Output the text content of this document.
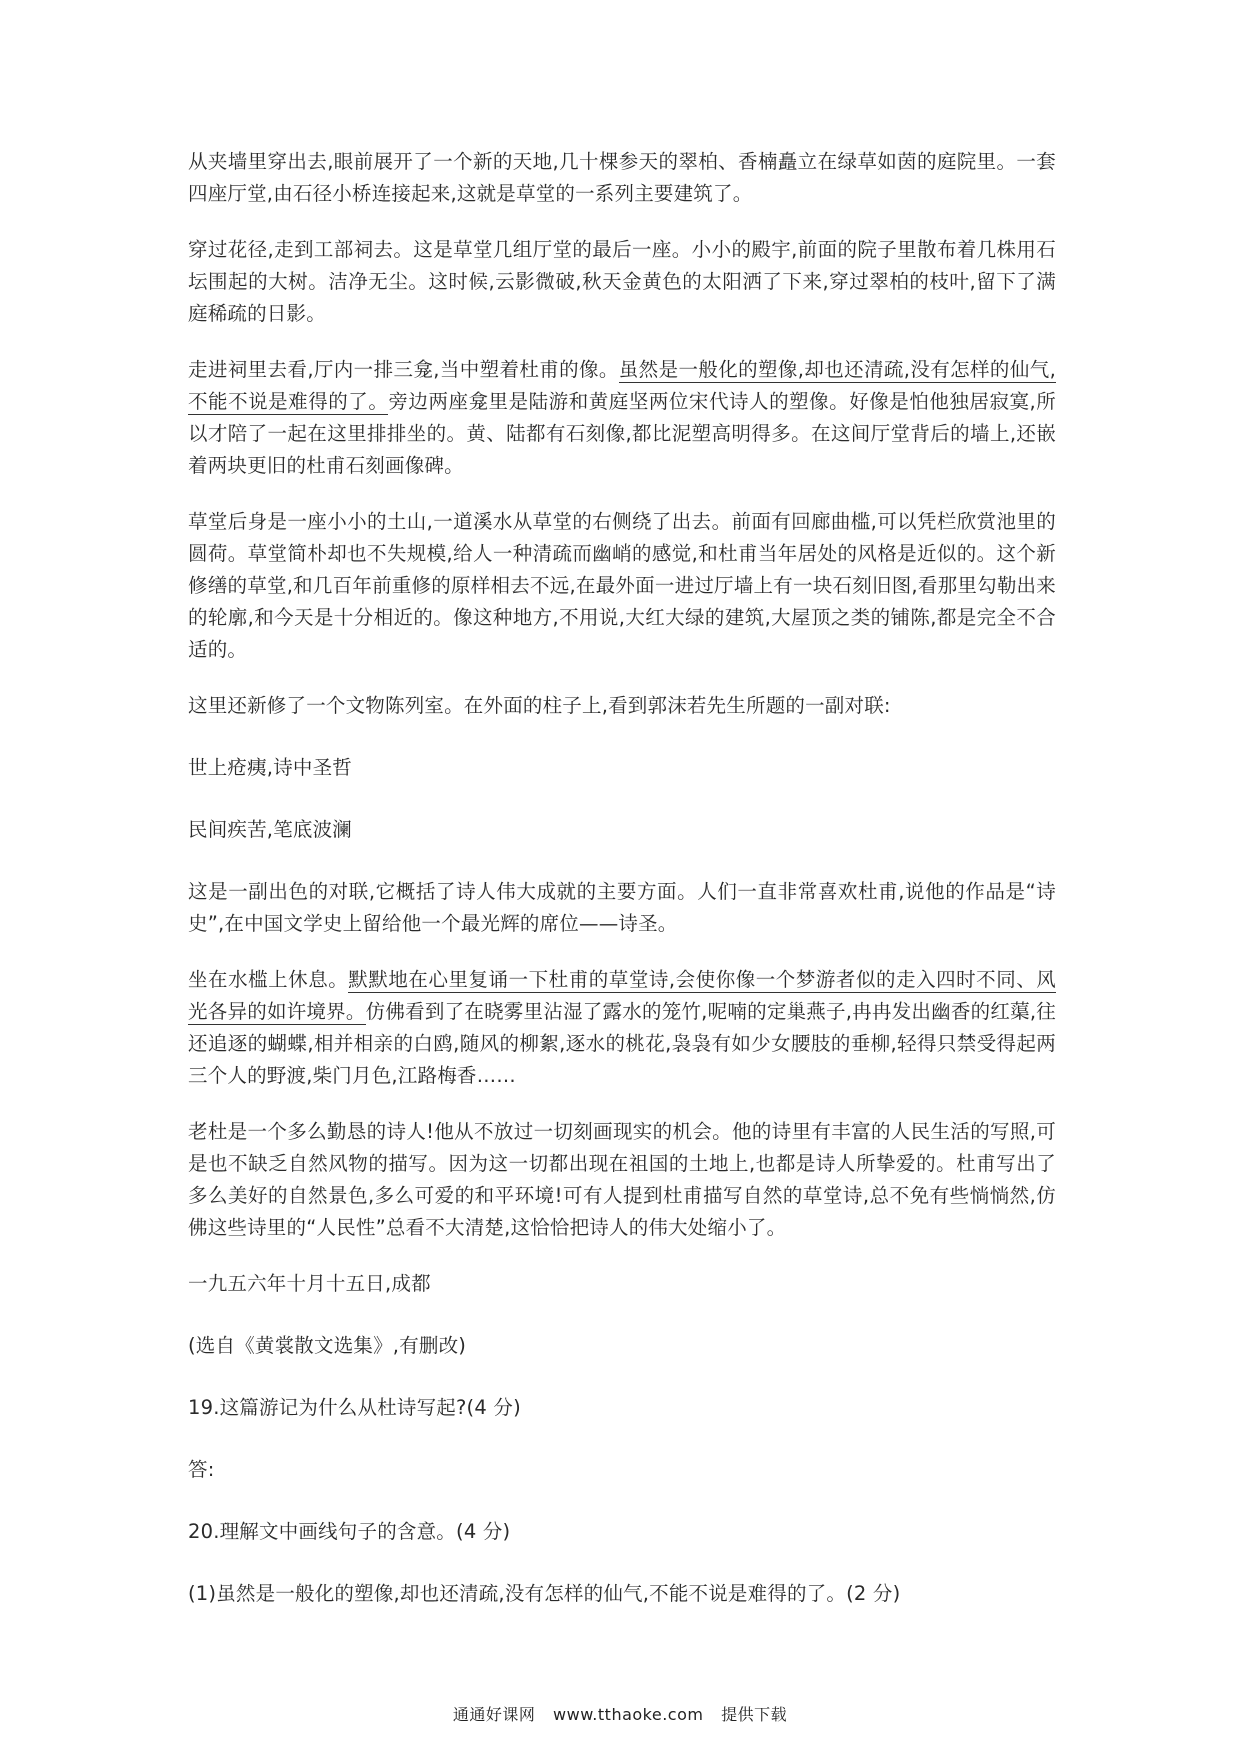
从夹墙里穿出去,眼前展开了一个新的天地,几十棵参天的翠柏、香楠矗立在绿草如茵的庭院里。一套四座厅堂,由石径小桥连接起来,这就是草堂的一系列主要建筑了。

穿过花径,走到工部祠去。这是草堂几组厅堂的最后一座。小小的殿宇,前面的院子里散布着几株用石坛围起的大树。洁净无尘。这时候,云影微破,秋天金黄色的太阳洒了下来,穿过翠柏的枝叶,留下了满庭稀疏的日影。

走进祠里去看,厅内一排三龛,当中塑着杜甫的像。虽然是一般化的塑像,却也还清疏,没有怎样的仙气,不能不说是难得的了。旁边两座龛里是陆游和黄庭坚两位宋代诗人的塑像。好像是怕他独居寂寞,所以才陪了一起在这里排排坐的。黄、陆都有石刻像,都比泥塑高明得多。在这间厅堂背后的墙上,还嵌着两块更旧的杜甫石刻画像碑。

草堂后身是一座小小的土山,一道溪水从草堂的右侧绕了出去。前面有回廊曲槛,可以凭栏欣赏池里的圆荷。草堂简朴却也不失规模,给人一种清疏而幽峭的感觉,和杜甫当年居处的风格是近似的。这个新修缮的草堂,和几百年前重修的原样相去不远,在最外面一进过厅墙上有一块石刻旧图,看那里勾勒出来的轮廓,和今天是十分相近的。像这种地方,不用说,大红大绿的建筑,大屋顶之类的铺陈,都是完全不合适的。

这里还新修了一个文物陈列室。在外面的柱子上,看到郭沫若先生所题的一副对联:

世上疮痍,诗中圣哲

民间疾苦,笔底波澜

这是一副出色的对联,它概括了诗人伟大成就的主要方面。人们一直非常喜欢杜甫,说他的作品是“诗史”,在中国文学史上留给他一个最光辉的席位——诗圣。

坐在水槛上休息。默默地在心里复诵一下杜甫的草堂诗,会使你像一个梦游者似的走入四时不同、风光各异的如许境界。仿佛看到了在晓雾里沾湿了露水的笼竹,呢喃的定巢燕子,冉冉发出幽香的红蕖,往还追逐的蝴蝶,相并相亲的白鸥,随风的柳絮,逐水的桃花,袅袅有如少女腰肢的垂柳,轻得只禁受得起两三个人的野渡,柴门月色,江路梅香……

老杜是一个多么勤恳的诗人!他从不放过一切刻画现实的机会。他的诗里有丰富的人民生活的写照,可是也不缺乏自然风物的描写。因为这一切都出现在祖国的土地上,也都是诗人所挚爱的。杜甫写出了多么美好的自然景色,多么可爱的和平环境!可有人提到杜甫描写自然的草堂诗,总不免有些惝惝然,仿佛这些诗里的“人民性”总看不大清楚,这恰恰把诗人的伟大处缩小了。

一九五六年十月十五日,成都

(选自《黄裳散文选集》,有删改)

19.这篇游记为什么从杜诗写起?(4 分)

答:

20.理解文中画线句子的含意。(4 分)

(1)虽然是一般化的塑像,却也还清疏,没有怎样的仙气,不能不说是难得的了。(2 分)

通通好课网 www.tthaoke.com 提供下载
